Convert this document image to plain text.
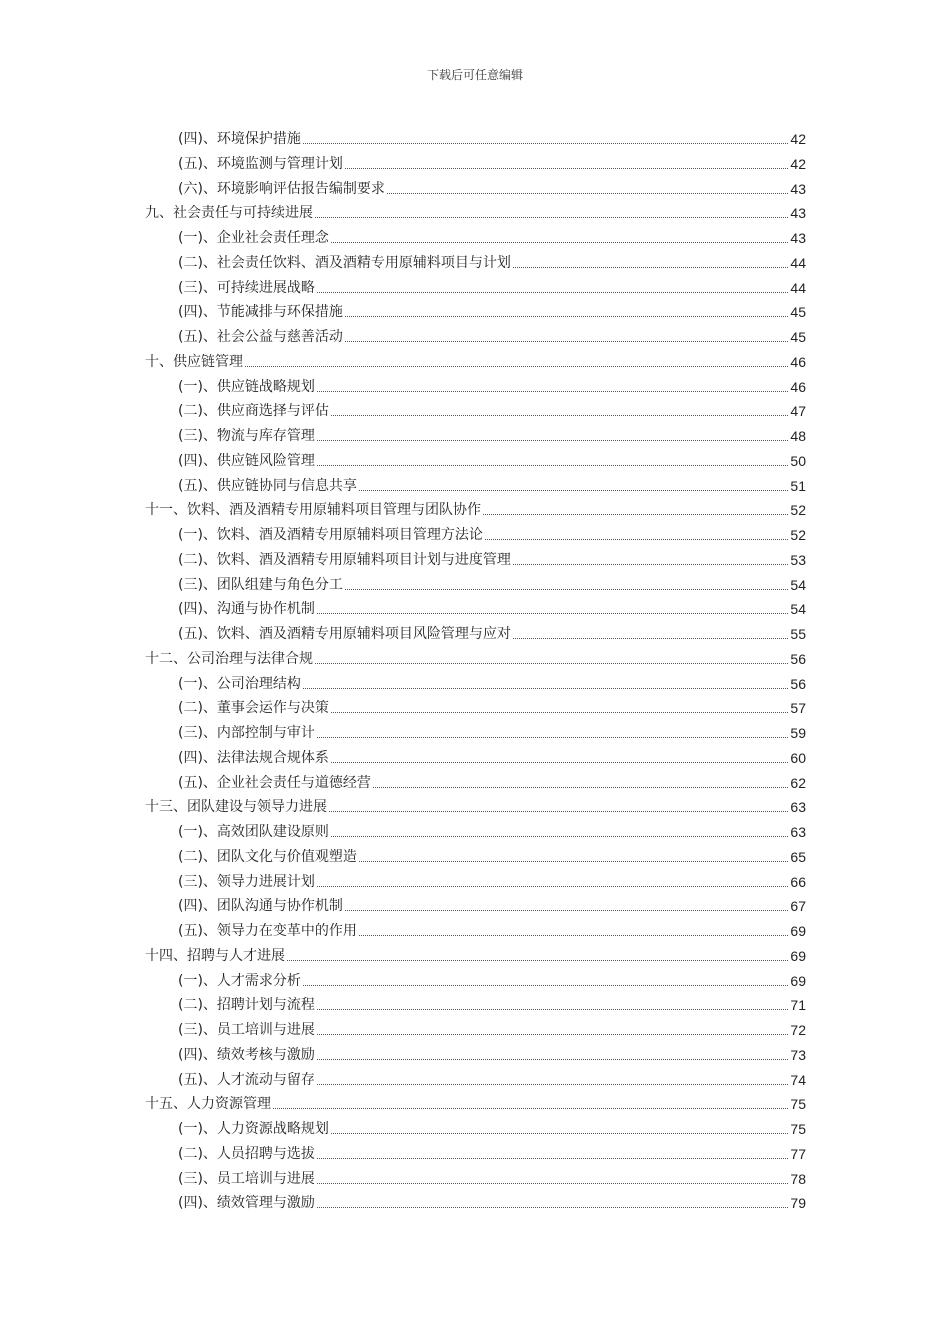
下载后可任意编辑
(四)、环境保护措施	42
(五)、环境监测与管理计划	42
(六)、环境影响评估报告编制要求	43
九、社会责任与可持续进展	43
(一)、企业社会责任理念	43
(二)、社会责任饮料、酒及酒精专用原辅料项目与计划	44
(三)、可持续进展战略	44
(四)、节能减排与环保措施	45
(五)、社会公益与慈善活动	45
十、供应链管理	46
(一)、供应链战略规划	46
(二)、供应商选择与评估	47
(三)、物流与库存管理	48
(四)、供应链风险管理	50
(五)、供应链协同与信息共享	51
十一、饮料、酒及酒精专用原辅料项目管理与团队协作	52
(一)、饮料、酒及酒精专用原辅料项目管理方法论	52
(二)、饮料、酒及酒精专用原辅料项目计划与进度管理	53
(三)、团队组建与角色分工	54
(四)、沟通与协作机制	54
(五)、饮料、酒及酒精专用原辅料项目风险管理与应对	55
十二、公司治理与法律合规	56
(一)、公司治理结构	56
(二)、董事会运作与决策	57
(三)、内部控制与审计	59
(四)、法律法规合规体系	60
(五)、企业社会责任与道德经营	62
十三、团队建设与领导力进展	63
(一)、高效团队建设原则	63
(二)、团队文化与价值观塑造	65
(三)、领导力进展计划	66
(四)、团队沟通与协作机制	67
(五)、领导力在变革中的作用	69
十四、招聘与人才进展	69
(一)、人才需求分析	69
(二)、招聘计划与流程	71
(三)、员工培训与进展	72
(四)、绩效考核与激励	73
(五)、人才流动与留存	74
十五、人力资源管理	75
(一)、人力资源战略规划	75
(二)、人员招聘与选拔	77
(三)、员工培训与进展	78
(四)、绩效管理与激励	79
